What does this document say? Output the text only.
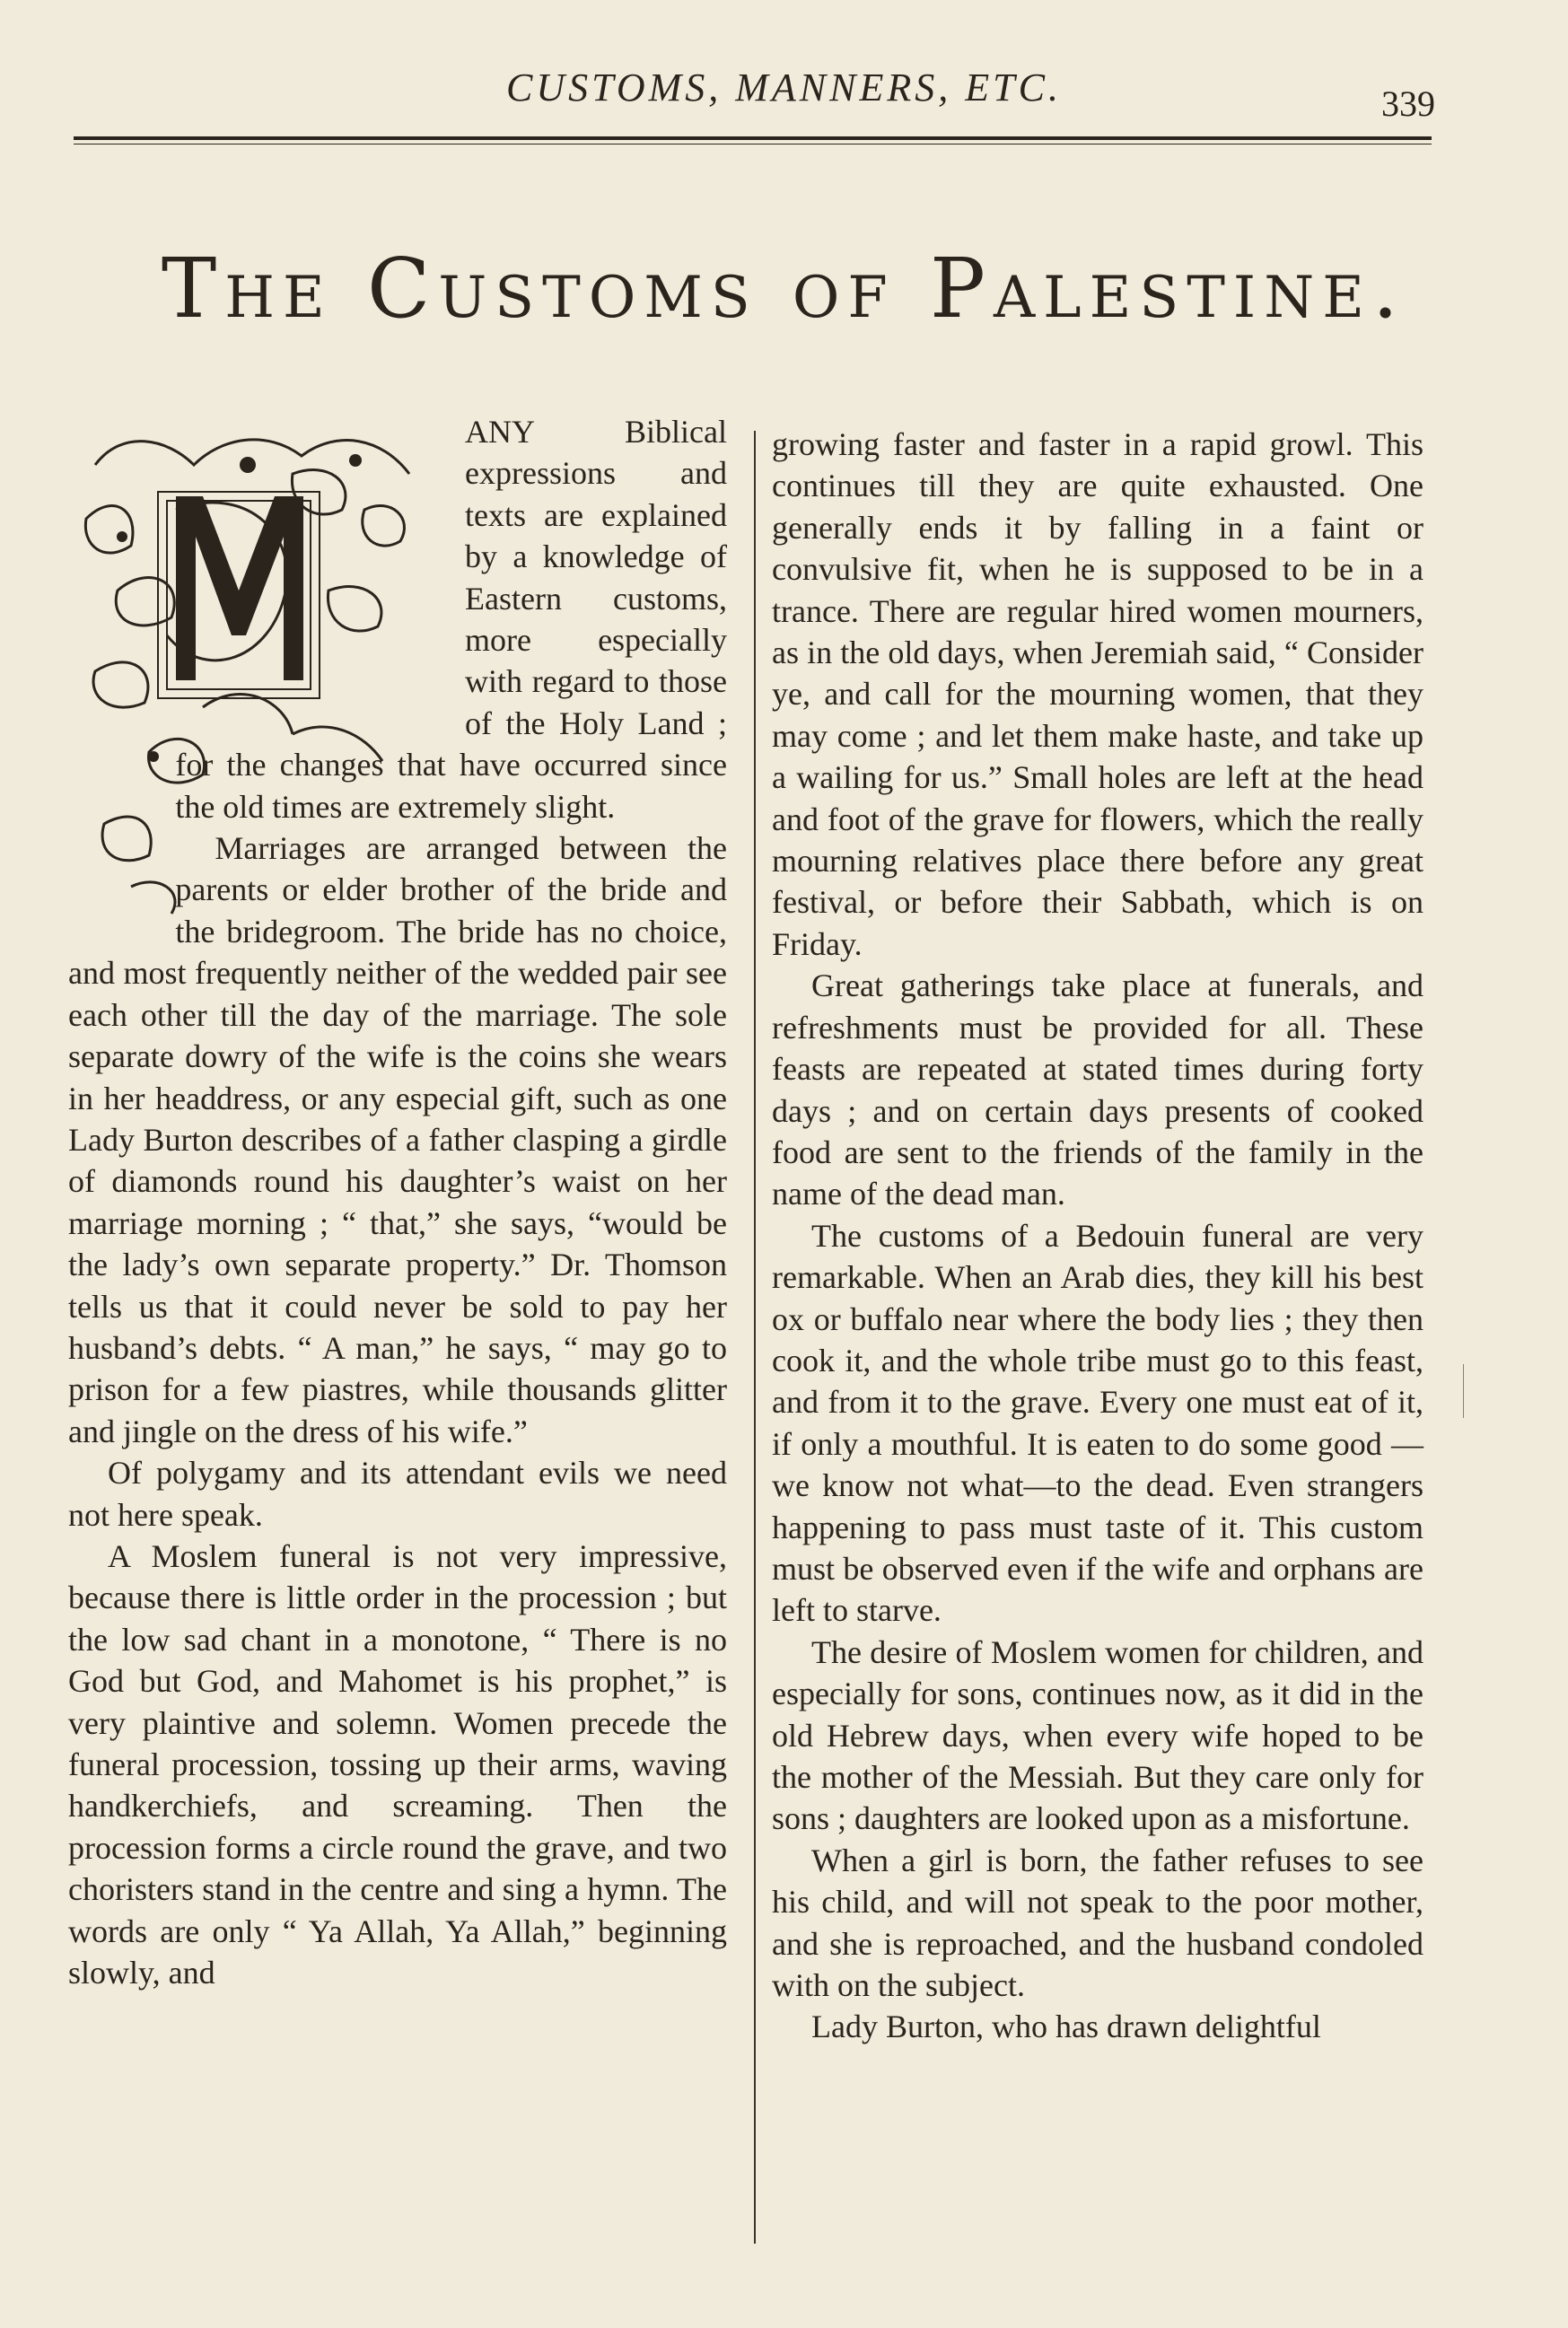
CUSTOMS, MANNERS, ETC.	339
The Customs of Palestine.

ANY Biblical expressions and texts are explained by a knowledge of Eastern customs, more especially with regard to those of the Holy Land ; for the changes that have occurred since the old times are extremely slight.

Marriages are arranged between the parents or elder brother of the bride and the bridegroom. The bride has no choice, and most frequently neither of the wedded pair see each other till the day of the marriage. The sole separate dowry of the wife is the coins she wears in her headdress, or any especial gift, such as one Lady Burton describes of a father clasping a girdle of diamonds round his daughter’s waist on her marriage morning ; “ that,” she says, “would be the lady’s own separate property.” Dr. Thomson tells us that it could never be sold to pay her husband’s debts. “ A man,” he says, “ may go to prison for a few piastres, while thousands glitter and jingle on the dress of his wife.”

Of polygamy and its attendant evils we need not here speak.

A Moslem funeral is not very impressive, because there is little order in the procession ; but the low sad chant in a monotone, “ There is no God but God, and Mahomet is his prophet,” is very plaintive and solemn. Women precede the funeral procession, tossing up their arms, waving handkerchiefs, and screaming. Then the procession forms a circle round the grave, and two choristers stand in the centre and sing a hymn. The words are only “ Ya Allah, Ya Allah,” beginning slowly, and

growing faster and faster in a rapid growl. This continues till they are quite exhausted. One generally ends it by falling in a faint or convulsive fit, when he is supposed to be in a trance. There are regular hired women mourners, as in the old days, when Jeremiah said, “ Consider ye, and call for the mourning women, that they may come ; and let them make haste, and take up a wailing for us.” Small holes are left at the head and foot of the grave for flowers, which the really mourning relatives place there before any great festival, or before their Sabbath, which is on Friday.

Great gatherings take place at funerals, and refreshments must be provided for all. These feasts are repeated at stated times during forty days ; and on certain days presents of cooked food are sent to the friends of the family in the name of the dead man.

The customs of a Bedouin funeral are very remarkable. When an Arab dies, they kill his best ox or buffalo near where the body lies ; they then cook it, and the whole tribe must go to this feast, and from it to the grave. Every one must eat of it, if only a mouthful. It is eaten to do some good —we know not what—to the dead. Even strangers happening to pass must taste of it. This custom must be observed even if the wife and orphans are left to starve.

The desire of Moslem women for children, and especially for sons, continues now, as it did in the old Hebrew days, when every wife hoped to be the mother of the Messiah. But they care only for sons ; daughters are looked upon as a misfortune.

When a girl is born, the father refuses to see his child, and will not speak to the poor mother, and she is reproached, and the husband condoled with on the subject.

Lady Burton, who has drawn delightful
